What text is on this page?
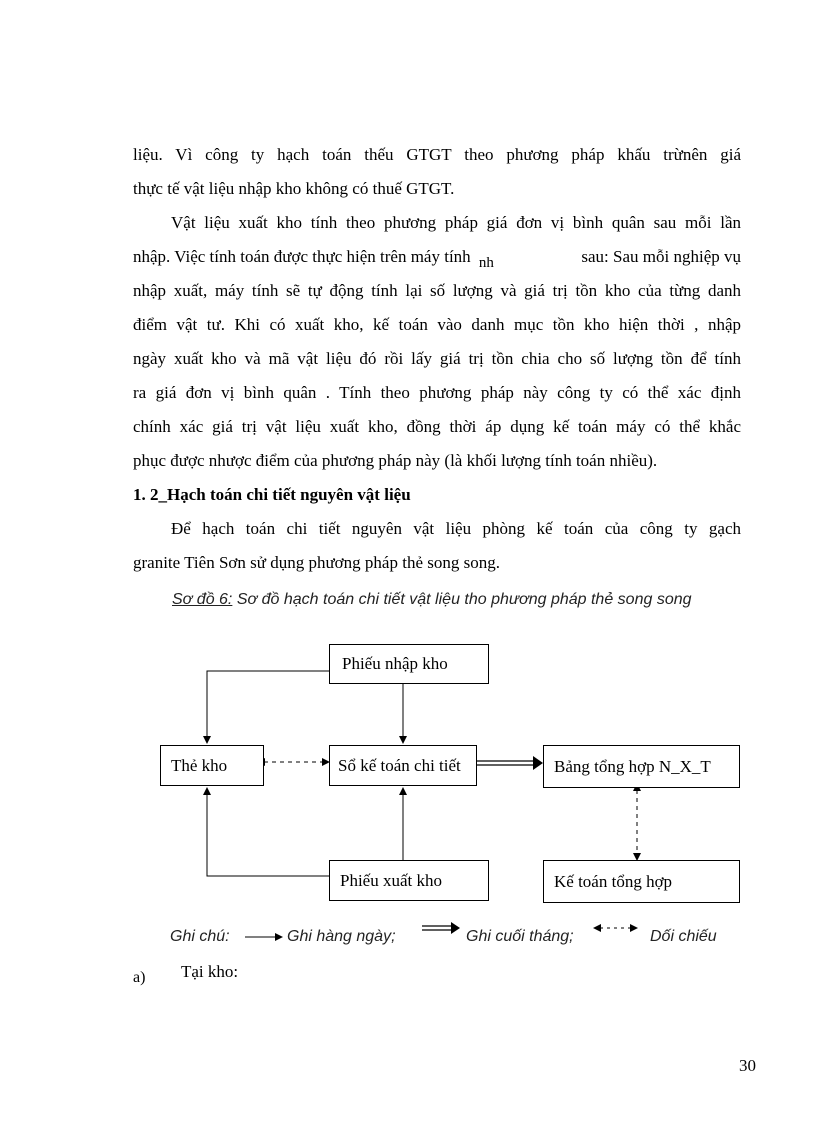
liệu. Vì công ty hạch toán thếu GTGT theo phương pháp khấu trừnên giá
thực tế vật liệu nhập kho không có thuế GTGT.
Vật liệu xuất kho tính theo phương pháp giá đơn vị bình quân sau mỗi lần
nhập. Việc tính toán được thực hiện trên máy tính nh	sau: Sau mỗi nghiệp vụ
nhập xuất, máy tính sẽ tự động tính lại số lượng và giá trị tồn kho của từng danh
điểm vật tư. Khi có xuất kho, kế toán vào danh mục tồn kho hiện thời , nhập
ngày xuất kho và mã vật liệu đó rồi lấy giá trị tồn chia cho số lượng tồn để tính
ra giá đơn vị bình quân . Tính theo phương pháp này công ty có thể xác định
chính xác giá trị vật liệu xuất kho, đồng thời áp dụng kế toán máy có thể khắc
phục được nhược điểm của phương pháp này (là khối lượng tính toán nhiều).
1. 2_Hạch toán chi tiết nguyên vật liệu
Để hạch toán chi tiết nguyên vật liệu phòng kế toán của công ty gạch
granite Tiên Sơn sử dụng phương pháp thẻ song song.
Sơ đồ 6: Sơ đồ hạch toán chi tiết vật liệu tho phương pháp thẻ song song
Phiếu nhập kho
Thẻ kho	Sổ kế toán chi tiết	Bảng tổng hợp N_X_T
Phiếu xuất kho	Kế toán tổng hợp
Ghi chú:	Ghi hàng ngày;	Ghi cuối tháng;	Dối chiếu
a) Tại kho:
30
